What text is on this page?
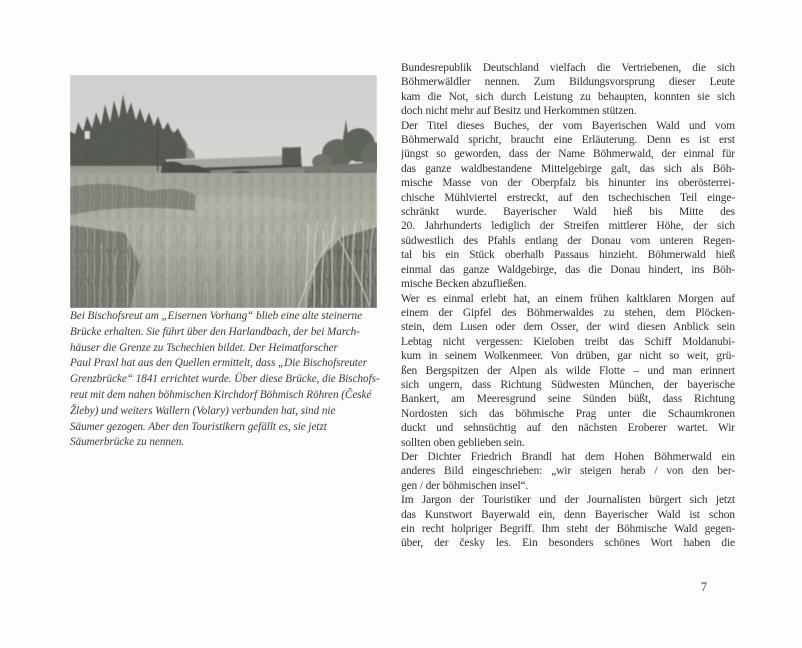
Bei Bischofsreut am „Eisernen Vorhang“ blieb eine alte steinerne
Brücke erhalten. Sie führt über den Harlandbach, der bei March-
häuser die Grenze zu Tschechien bildet. Der Heimatforscher
Paul Praxl hat aus den Quellen ermittelt, dass „Die Bischofsreuter
Grenzbrücke“ 1841 errichtet wurde. Über diese Brücke, die Bischofs-
reut mit dem nahen böhmischen Kirchdorf Böhmisch Röhren (České
Žleby) und weiters Wallern (Volary) verbunden hat, sind nie
Säumer gezogen. Aber den Touristikern gefällt es, sie jetzt
Säumerbrücke zu nennen.
Bundesrepublik Deutschland vielfach die Vertriebenen, die sich
Böhmerwäldler nennen. Zum Bildungsvorsprung dieser Leute
kam die Not, sich durch Leistung zu behaupten, konnten sie sich
doch nicht mehr auf Besitz und Herkommen stützen.
Der Titel dieses Buches, der vom Bayerischen Wald und vom
Böhmerwald spricht, braucht eine Erläuterung. Denn es ist erst
jüngst so geworden, dass der Name Böhmerwald, der einmal für
das ganze waldbestandene Mittelgebirge galt, das sich als Böh-
mische Masse von der Oberpfalz bis hinunter ins oberösterrei-
chische Mühlviertel erstreckt, auf den tschechischen Teil einge-
schränkt wurde. Bayerischer Wald hieß bis Mitte des
20. Jahrhunderts lediglich der Streifen mittlerer Höhe, der sich
südwestlich des Pfahls entlang der Donau vom unteren Regen-
tal bis ein Stück oberhalb Passaus hinzieht. Böhmerwald hieß
einmal das ganze Waldgebirge, das die Donau hindert, ins Böh-
mische Becken abzufließen.
Wer es einmal erlebt hat, an einem frühen kaltklaren Morgen auf
einem der Gipfel des Böhmerwaldes zu stehen, dem Plöcken-
stein, dem Lusen oder dem Osser, der wird diesen Anblick sein
Lebtag nicht vergessen: Kieloben treibt das Schiff Moldanubi-
kum in seinem Wolkenmeer. Von drüben, gar nicht so weit, grü-
ßen Bergspitzen der Alpen als wilde Flotte – und man erinnert
sich ungern, dass Richtung Südwesten München, der bayerische
Bankert, am Meeresgrund seine Sünden büßt, dass Richtung
Nordosten sich das böhmische Prag unter die Schaumkronen
duckt und sehnsüchtig auf den nächsten Eroberer wartet. Wir
sollten oben geblieben sein.
Der Dichter Friedrich Brandl hat dem Hohen Böhmerwald ein
anderes Bild eingeschrieben: „wir steigen herab / von den ber-
gen / der böhmischen insel“.
Im Jargon der Touristiker und der Journalisten bürgert sich jetzt
das Kunstwort Bayerwald ein, denn Bayerischer Wald ist schon
ein recht holpriger Begriff. Ihm steht der Böhmische Wald gegen-
über, der česky les. Ein besonders schönes Wort haben die
7
